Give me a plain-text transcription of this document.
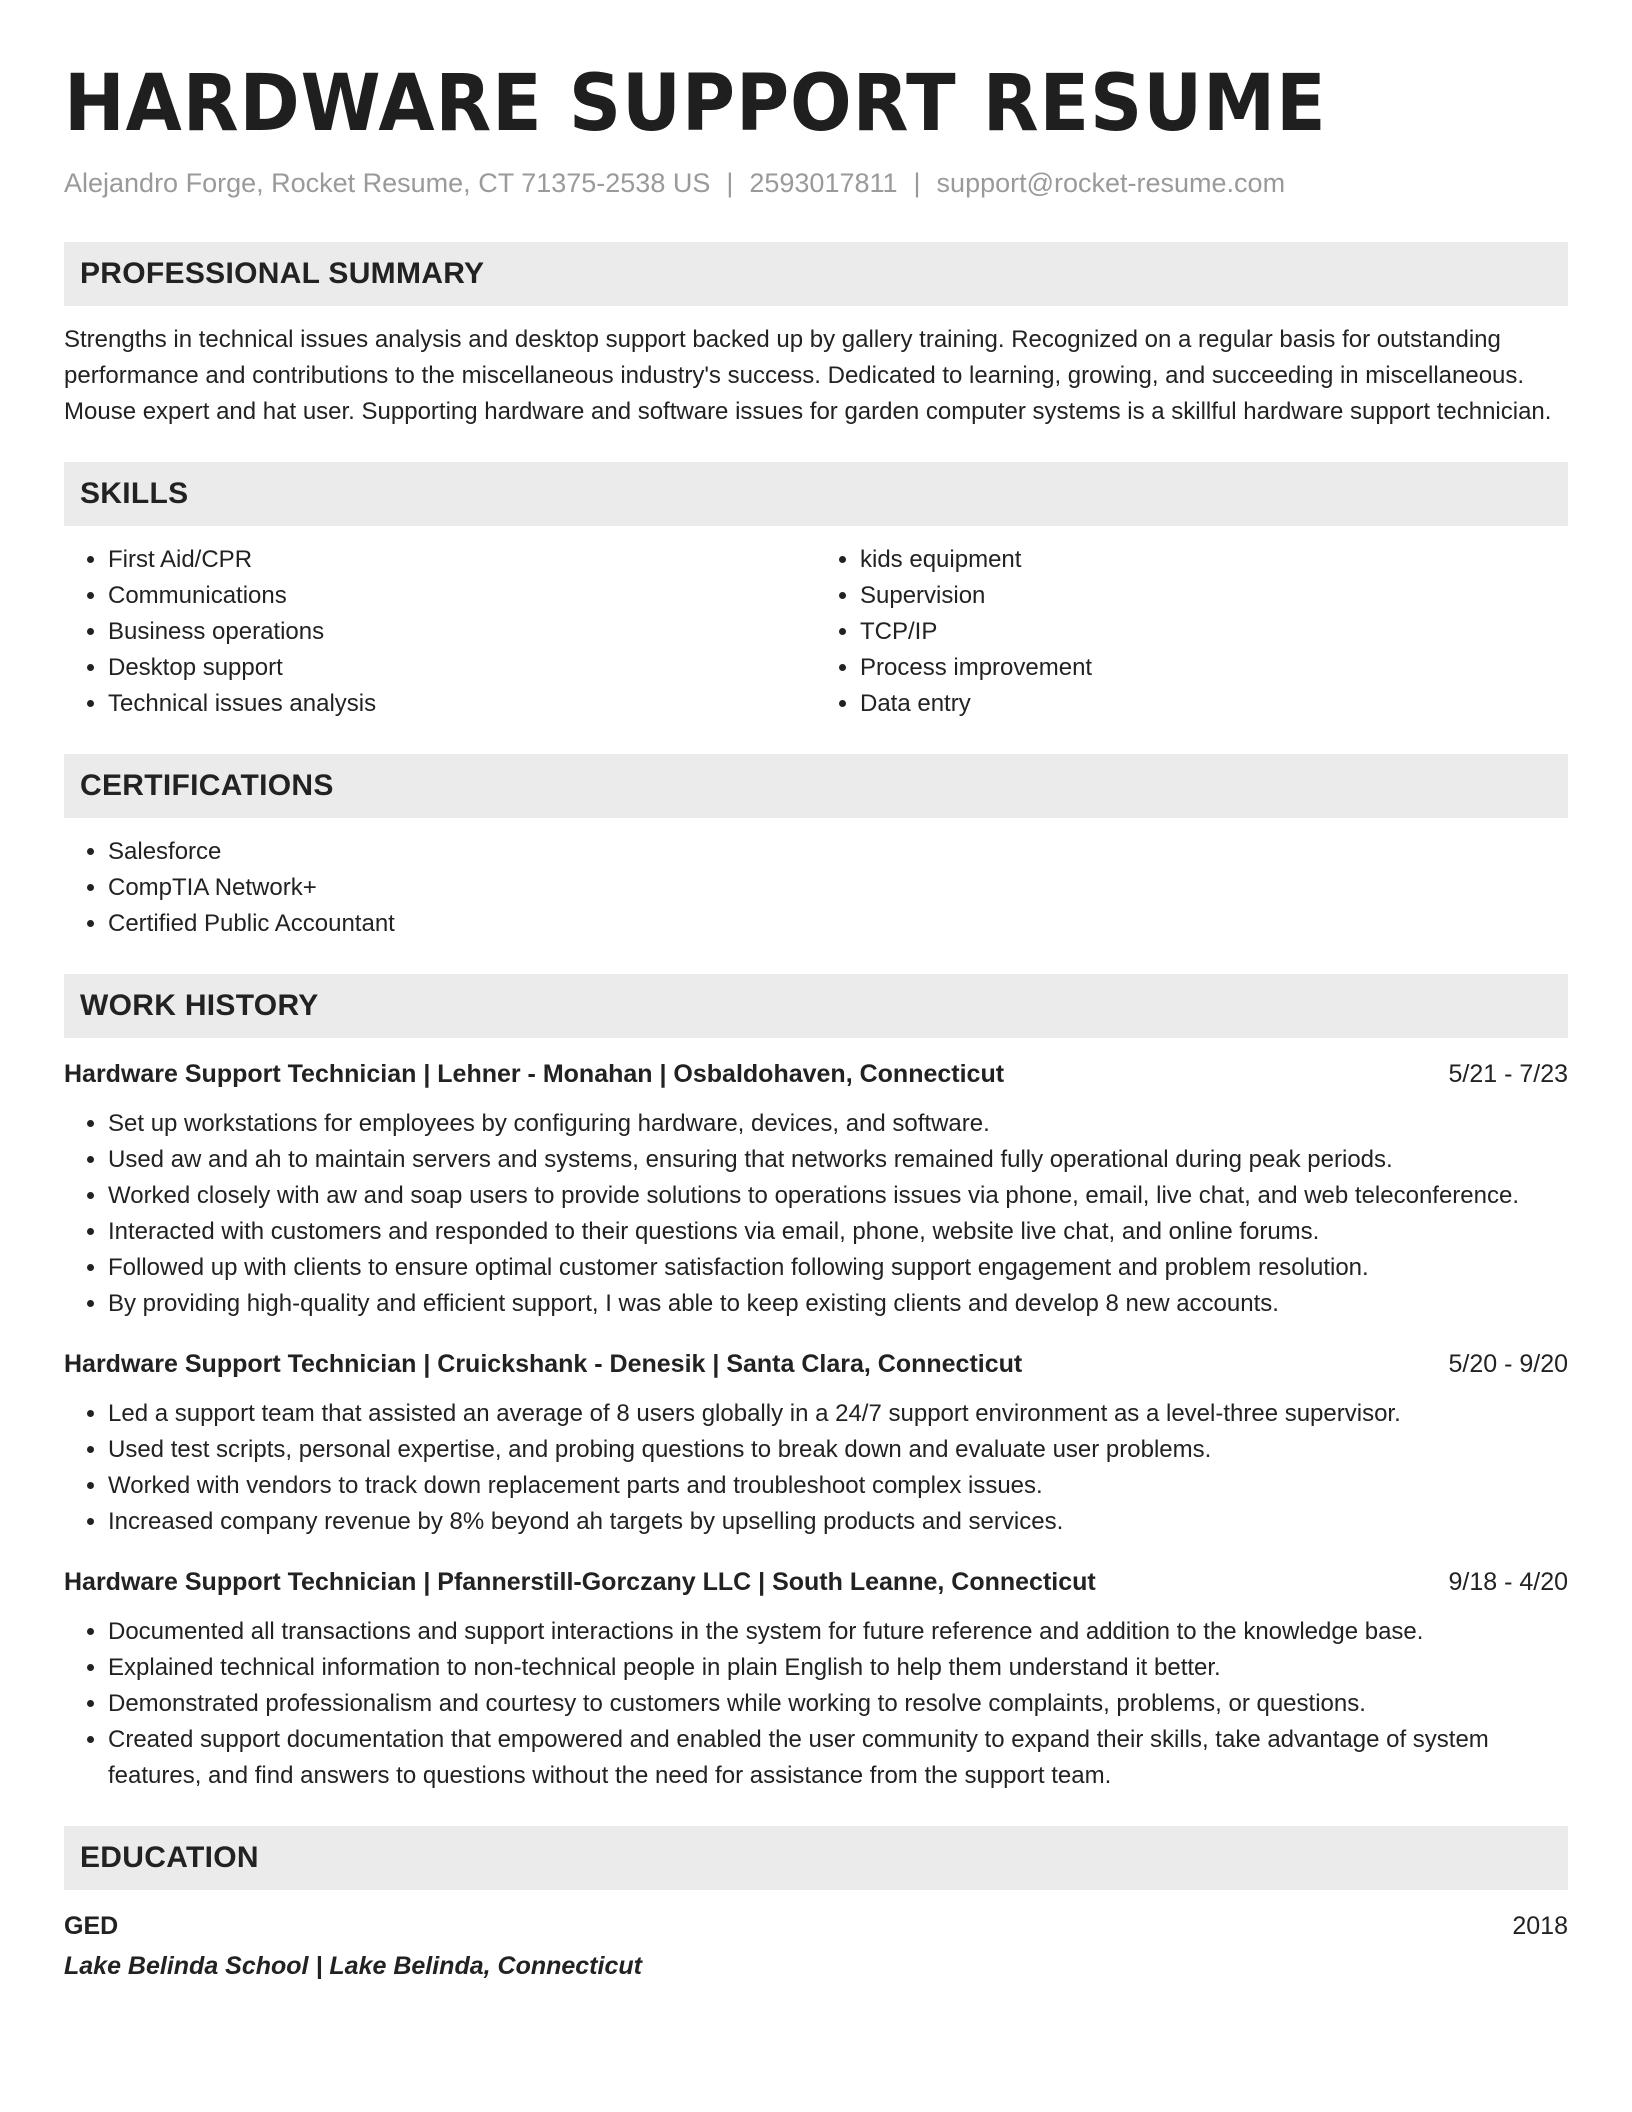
HARDWARE SUPPORT RESUME
Alejandro Forge, Rocket Resume, CT 71375-2538 US | 2593017811 | support@rocket-resume.com
PROFESSIONAL SUMMARY
Strengths in technical issues analysis and desktop support backed up by gallery training. Recognized on a regular basis for outstanding performance and contributions to the miscellaneous industry's success. Dedicated to learning, growing, and succeeding in miscellaneous. Mouse expert and hat user. Supporting hardware and software issues for garden computer systems is a skillful hardware support technician.
SKILLS
• First Aid/CPR
• Communications
• Business operations
• Desktop support
• Technical issues analysis
• kids equipment
• Supervision
• TCP/IP
• Process improvement
• Data entry
CERTIFICATIONS
• Salesforce
• CompTIA Network+
• Certified Public Accountant
WORK HISTORY
Hardware Support Technician | Lehner - Monahan | Osbaldohaven, Connecticut	5/21 - 7/23
• Set up workstations for employees by configuring hardware, devices, and software.
• Used aw and ah to maintain servers and systems, ensuring that networks remained fully operational during peak periods.
• Worked closely with aw and soap users to provide solutions to operations issues via phone, email, live chat, and web teleconference.
• Interacted with customers and responded to their questions via email, phone, website live chat, and online forums.
• Followed up with clients to ensure optimal customer satisfaction following support engagement and problem resolution.
• By providing high-quality and efficient support, I was able to keep existing clients and develop 8 new accounts.
Hardware Support Technician | Cruickshank - Denesik | Santa Clara, Connecticut	5/20 - 9/20
• Led a support team that assisted an average of 8 users globally in a 24/7 support environment as a level-three supervisor.
• Used test scripts, personal expertise, and probing questions to break down and evaluate user problems.
• Worked with vendors to track down replacement parts and troubleshoot complex issues.
• Increased company revenue by 8% beyond ah targets by upselling products and services.
Hardware Support Technician | Pfannerstill-Gorczany LLC | South Leanne, Connecticut	9/18 - 4/20
• Documented all transactions and support interactions in the system for future reference and addition to the knowledge base.
• Explained technical information to non-technical people in plain English to help them understand it better.
• Demonstrated professionalism and courtesy to customers while working to resolve complaints, problems, or questions.
• Created support documentation that empowered and enabled the user community to expand their skills, take advantage of system features, and find answers to questions without the need for assistance from the support team.
EDUCATION
GED	2018
Lake Belinda School | Lake Belinda, Connecticut
